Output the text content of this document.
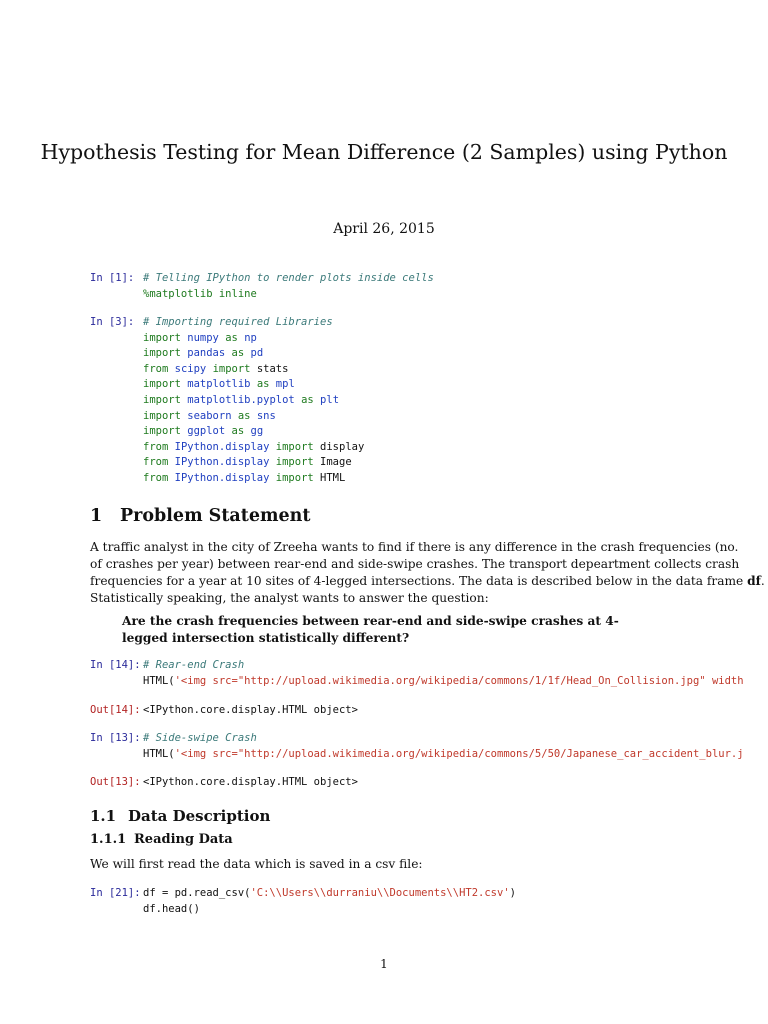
Hypothesis Testing for Mean Difference (2 Samples) using Python
April 26, 2015
In [1]: # Telling IPython to render plots inside cells
%matplotlib inline
In [3]: # Importing required Libraries
import numpy as np
import pandas as pd
from scipy import stats
import matplotlib as mpl
import matplotlib.pyplot as plt
import seaborn as sns
import ggplot as gg
from IPython.display import display
from IPython.display import Image
from IPython.display import HTML
1 Problem Statement
A traffic analyst in the city of Zreeha wants to find if there is any difference in the crash frequencies (no.
of crashes per year) between rear-end and side-swipe crashes. The transport depeartment collects crash
frequencies for a year at 10 sites of 4-legged intersections. The data is described below in the data frame df.
Statistically speaking, the analyst wants to answer the question:
Are the crash frequencies between rear-end and side-swipe crashes at 4-legged intersection statistically different?
In [14]: # Rear-end Crash
HTML('<img src="http://upload.wikimedia.org/wikipedia/commons/1/1f/Head_On_Collision.jpg" width
Out[14]: <IPython.core.display.HTML object>
In [13]: # Side-swipe Crash
HTML('<img src="http://upload.wikimedia.org/wikipedia/commons/5/50/Japanese_car_accident_blur.j
Out[13]: <IPython.core.display.HTML object>
1.1 Data Description
1.1.1 Reading Data
We will first read the data which is saved in a csv file:
In [21]: df = pd.read_csv('C:\\Users\\durraniu\\Documents\\HT2.csv')
df.head()
1
